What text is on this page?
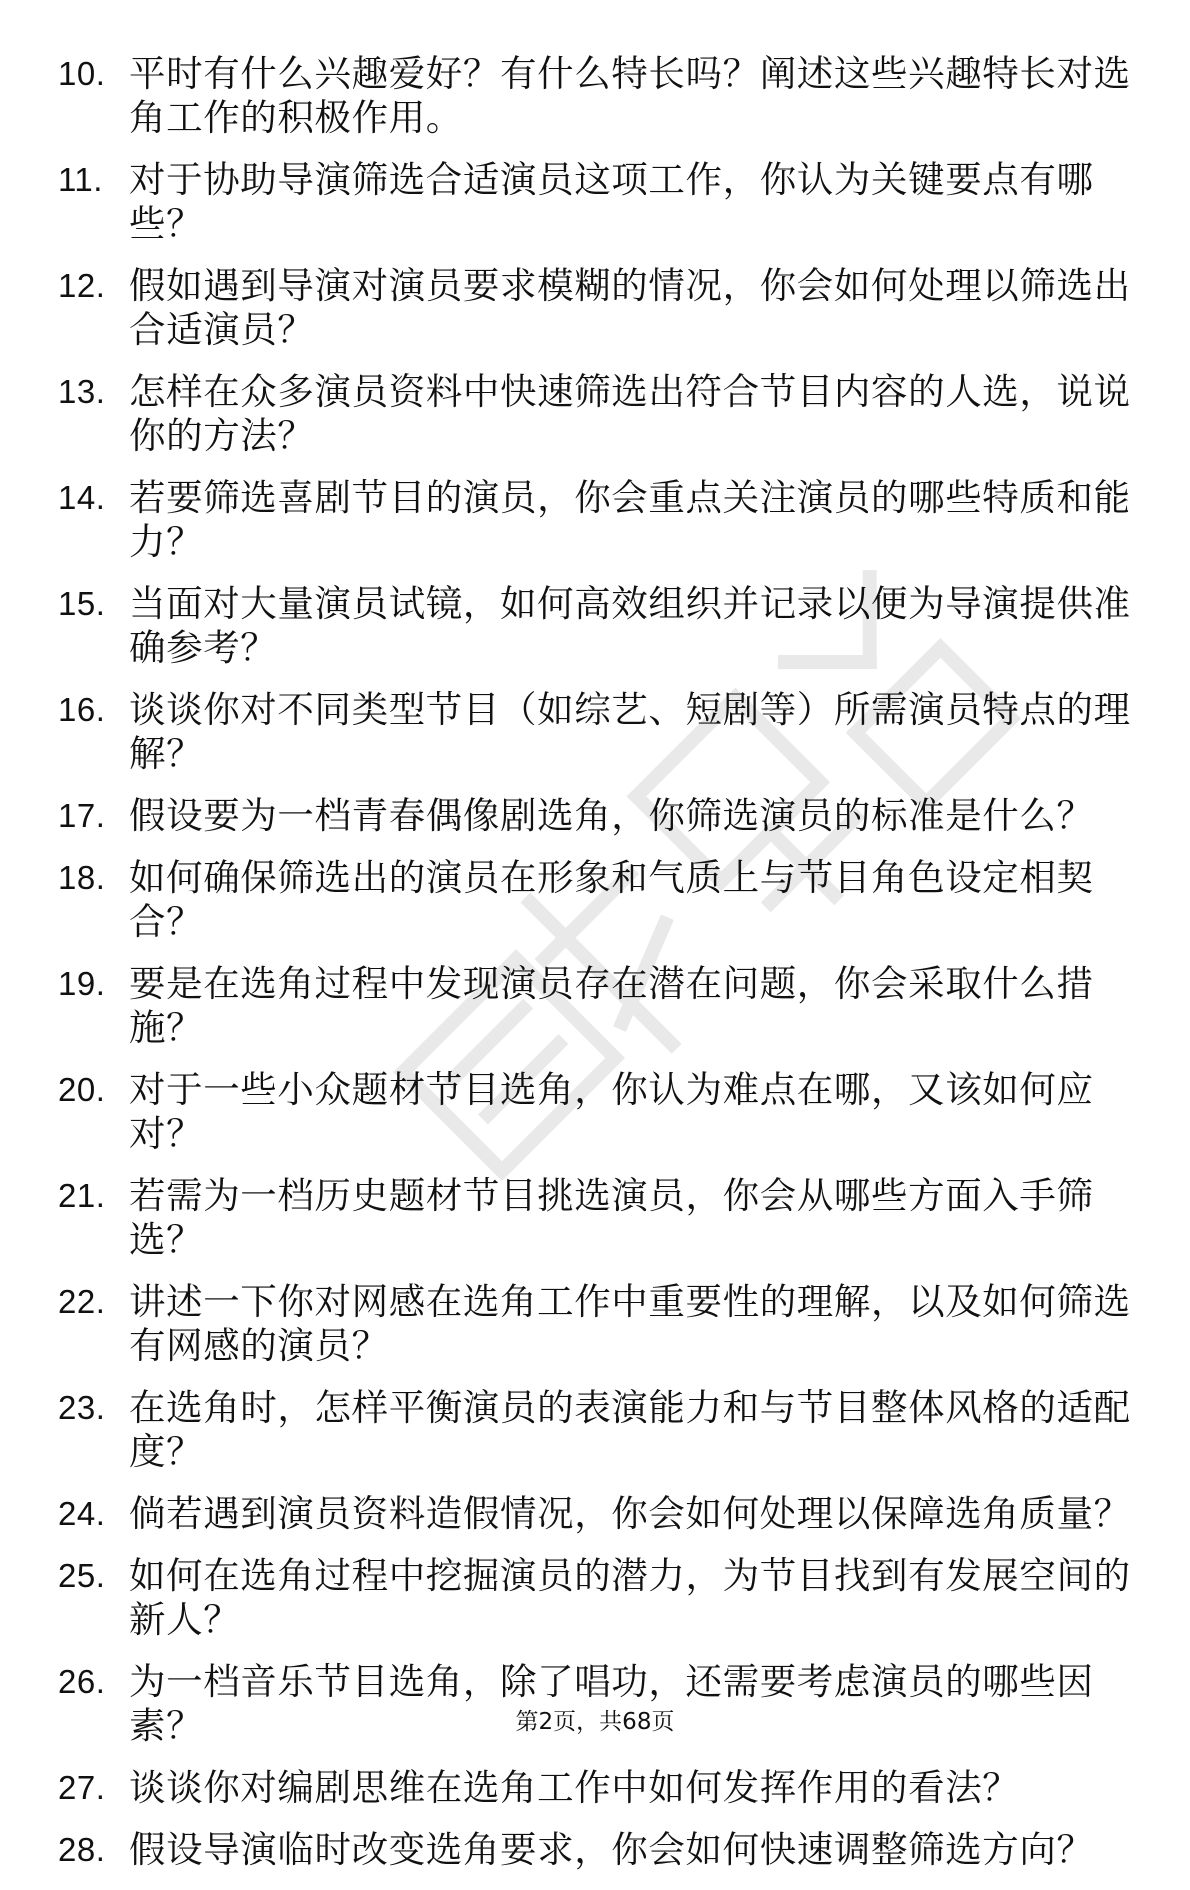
10. 平时有什么兴趣爱好？有什么特长吗？阐述这些兴趣特长对选角工作的积极作用。
11. 对于协助导演筛选合适演员这项工作，你认为关键要点有哪些？
12. 假如遇到导演对演员要求模糊的情况，你会如何处理以筛选出合适演员？
13. 怎样在众多演员资料中快速筛选出符合节目内容的人选，说说你的方法？
14. 若要筛选喜剧节目的演员，你会重点关注演员的哪些特质和能力？
15. 当面对大量演员试镜，如何高效组织并记录以便为导演提供准确参考？
16. 谈谈你对不同类型节目（如综艺、短剧等）所需演员特点的理解？
17. 假设要为一档青春偶像剧选角，你筛选演员的标准是什么？
18. 如何确保筛选出的演员在形象和气质上与节目角色设定相契合？
19. 要是在选角过程中发现演员存在潜在问题，你会采取什么措施？
20. 对于一些小众题材节目选角，你认为难点在哪，又该如何应对？
21. 若需为一档历史题材节目挑选演员，你会从哪些方面入手筛选？
22. 讲述一下你对网感在选角工作中重要性的理解，以及如何筛选有网感的演员？
23. 在选角时，怎样平衡演员的表演能力和与节目整体风格的适配度？
24. 倘若遇到演员资料造假情况，你会如何处理以保障选角质量？
25. 如何在选角过程中挖掘演员的潜力，为节目找到有发展空间的新人？
26. 为一档音乐节目选角，除了唱功，还需要考虑演员的哪些因素？
27. 谈谈你对编剧思维在选角工作中如何发挥作用的看法？
28. 假设导演临时改变选角要求，你会如何快速调整筛选方向？
第2页，共68页
